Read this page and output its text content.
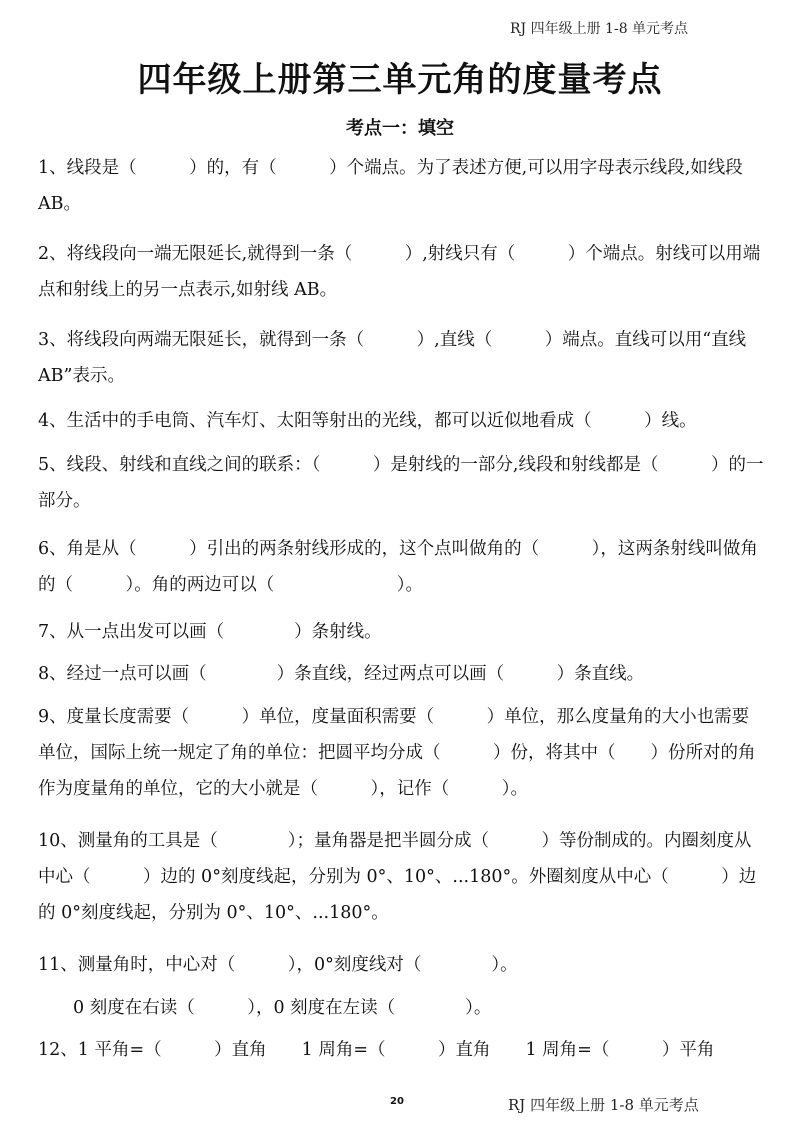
RJ 四年级上册 1-8 单元考点
四年级上册第三单元角的度量考点
考点一：填空

1、线段是（　　　）的，有（　　　）个端点。为了表述方便,可以用字母表示线段,如线段 AB。

2、将线段向一端无限延长,就得到一条（　　　）,射线只有（　　　）个端点。射线可以用端点和射线上的另一点表示,如射线 AB。

3、将线段向两端无限延长，就得到一条（　　　）,直线（　　　）端点。直线可以用“直线 AB”表示。

4、生活中的手电筒、汽车灯、太阳等射出的光线，都可以近似地看成（　　　）线。

5、线段、射线和直线之间的联系：（　　　）是射线的一部分,线段和射线都是（　　　）的一部分。

6、角是从（　　　）引出的两条射线形成的，这个点叫做角的（　　　），这两条射线叫做角的（　　　）。角的两边可以（　　　　　　　）。

7、从一点出发可以画（　　　　）条射线。

8、经过一点可以画（　　　　）条直线，经过两点可以画（　　　）条直线。

9、度量长度需要（　　　）单位，度量面积需要（　　　）单位，那么度量角的大小也需要单位，国际上统一规定了角的单位：把圆平均分成（　　　）份，将其中（　　）份所对的角作为度量角的单位，它的大小就是（　　　），记作（　　　）。

10、测量角的工具是（　　　　）；量角器是把半圆分成（　　　）等份制成的。内圈刻度从中心（　　　）边的 0°刻度线起，分别为 0°、10°、...180°。外圈刻度从中心（　　　）边的 0°刻度线起，分别为 0°、10°、...180°。

11、测量角时，中心对（　　　），0°刻度线对（　　　　）。

　　0 刻度在右读（　　　），0 刻度在左读（　　　　）。

12、1 平角=（　　　）直角　　1 周角=（　　　）直角　　1 周角=（　　　）平角

20	RJ 四年级上册 1-8 单元考点
